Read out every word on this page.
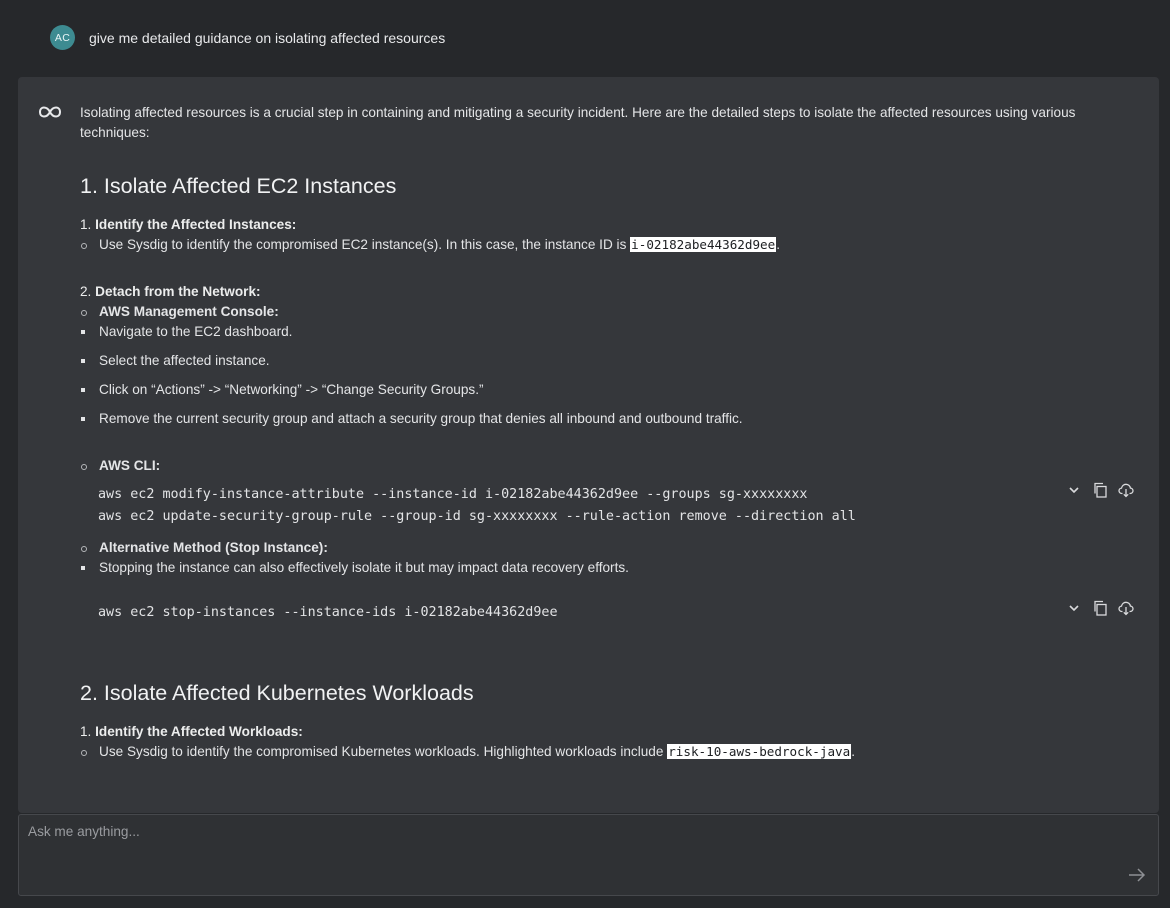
AC	give me detailed guidance on isolating affected resources

Isolating affected resources is a crucial step in containing and mitigating a security incident. Here are the detailed steps to isolate the affected resources using various techniques:

1. Isolate Affected EC2 Instances
1. Identify the Affected Instances:
Use Sysdig to identify the compromised EC2 instance(s). In this case, the instance ID is i-02182abe44362d9ee.
2. Detach from the Network:
AWS Management Console:
Navigate to the EC2 dashboard.
Select the affected instance.
Click on “Actions” -> “Networking” -> “Change Security Groups.”
Remove the current security group and attach a security group that denies all inbound and outbound traffic.
AWS CLI:
aws ec2 modify-instance-attribute --instance-id i-02182abe44362d9ee --groups sg-xxxxxxxx
aws ec2 update-security-group-rule --group-id sg-xxxxxxxx --rule-action remove --direction all
Alternative Method (Stop Instance):
Stopping the instance can also effectively isolate it but may impact data recovery efforts.
aws ec2 stop-instances --instance-ids i-02182abe44362d9ee
2. Isolate Affected Kubernetes Workloads
1. Identify the Affected Workloads:
Use Sysdig to identify the compromised Kubernetes workloads. Highlighted workloads include risk-10-aws-bedrock-java.
Ask me anything...
